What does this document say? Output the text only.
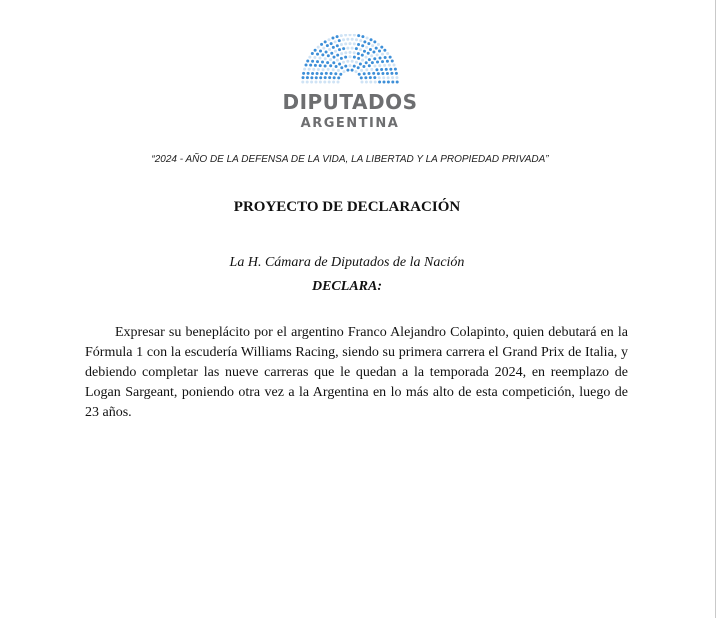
DIPUTADOS
ARGENTINA
“2024 - AÑO DE LA DEFENSA DE LA VIDA, LA LIBERTAD Y LA PROPIEDAD PRIVADA”
PROYECTO DE DECLARACIÓN
La H. Cámara de Diputados de la Nación
DECLARA:

Expresar su beneplácito por el argentino Franco Alejandro Colapinto, quien debutará en la Fórmula 1 con la escudería Williams Racing, siendo su primera carrera el Grand Prix de Italia, y debiendo completar las nueve carreras que le quedan a la temporada 2024, en reemplazo de Logan Sargeant, poniendo otra vez a la Argentina en lo más alto de esta competición, luego de 23 años.
